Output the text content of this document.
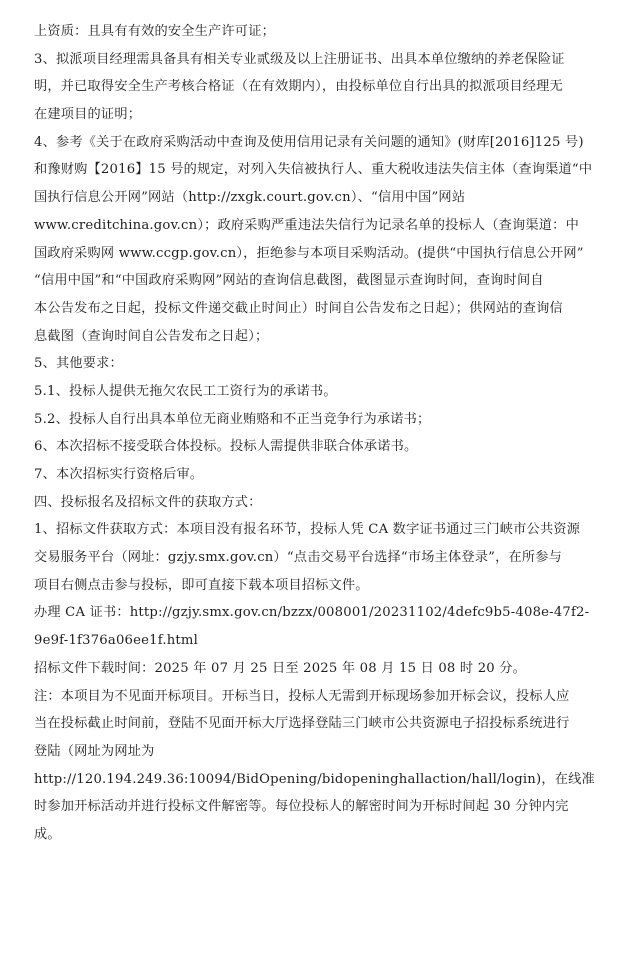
上资质：且具有有效的安全生产许可证；
3、拟派项目经理需具备具有相关专业贰级及以上注册证书、出具本单位缴纳的养老保险证
明，并已取得安全生产考核合格证（在有效期内），由投标单位自行出具的拟派项目经理无
在建项目的证明；
4、参考《关于在政府采购活动中查询及使用信用记录有关问题的通知》(财库[2016]125 号)
和豫财购【2016】15 号的规定，对列入失信被执行人、重大税收违法失信主体（查询渠道“中
国执行信息公开网”网站（http://zxgk.court.gov.cn）、“信用中国”网站
www.creditchina.gov.cn）；政府采购严重违法失信行为记录名单的投标人（查询渠道：中
国政府采购网 www.ccgp.gov.cn），拒绝参与本项目采购活动。(提供“中国执行信息公开网”
“信用中国”和“中国政府采购网”网站的查询信息截图，截图显示查询时间，查询时间自
本公告发布之日起，投标文件递交截止时间止）时间自公告发布之日起）；供网站的查询信
息截图（查询时间自公告发布之日起）；
5、其他要求：
5.1、投标人提供无拖欠农民工工资行为的承诺书。
5.2、投标人自行出具本单位无商业贿赂和不正当竞争行为承诺书；
6、本次招标不接受联合体投标。投标人需提供非联合体承诺书。
7、本次招标实行资格后审。
四、投标报名及招标文件的获取方式：
1、招标文件获取方式：本项目没有报名环节，投标人凭 CA 数字证书通过三门峡市公共资源
交易服务平台（网址：gzjy.smx.gov.cn）“点击交易平台选择“市场主体登录”，在所参与
项目右侧点击参与投标，即可直接下载本项目招标文件。
办理 CA 证书：http://gzjy.smx.gov.cn/bzzx/008001/20231102/4defc9b5-408e-47f2-
9e9f-1f376a06ee1f.html
招标文件下载时间：2025 年 07 月 25 日至 2025 年 08 月 15 日 08 时 20 分。
注：本项目为不见面开标项目。开标当日，投标人无需到开标现场参加开标会议，投标人应
当在投标截止时间前，登陆不见面开标大厅选择登陆三门峡市公共资源电子招投标系统进行
登陆（网址为网址为
http://120.194.249.36:10094/BidOpening/bidopeninghallaction/hall/login)，在线准
时参加开标活动并进行投标文件解密等。每位投标人的解密时间为开标时间起 30 分钟内完
成。
